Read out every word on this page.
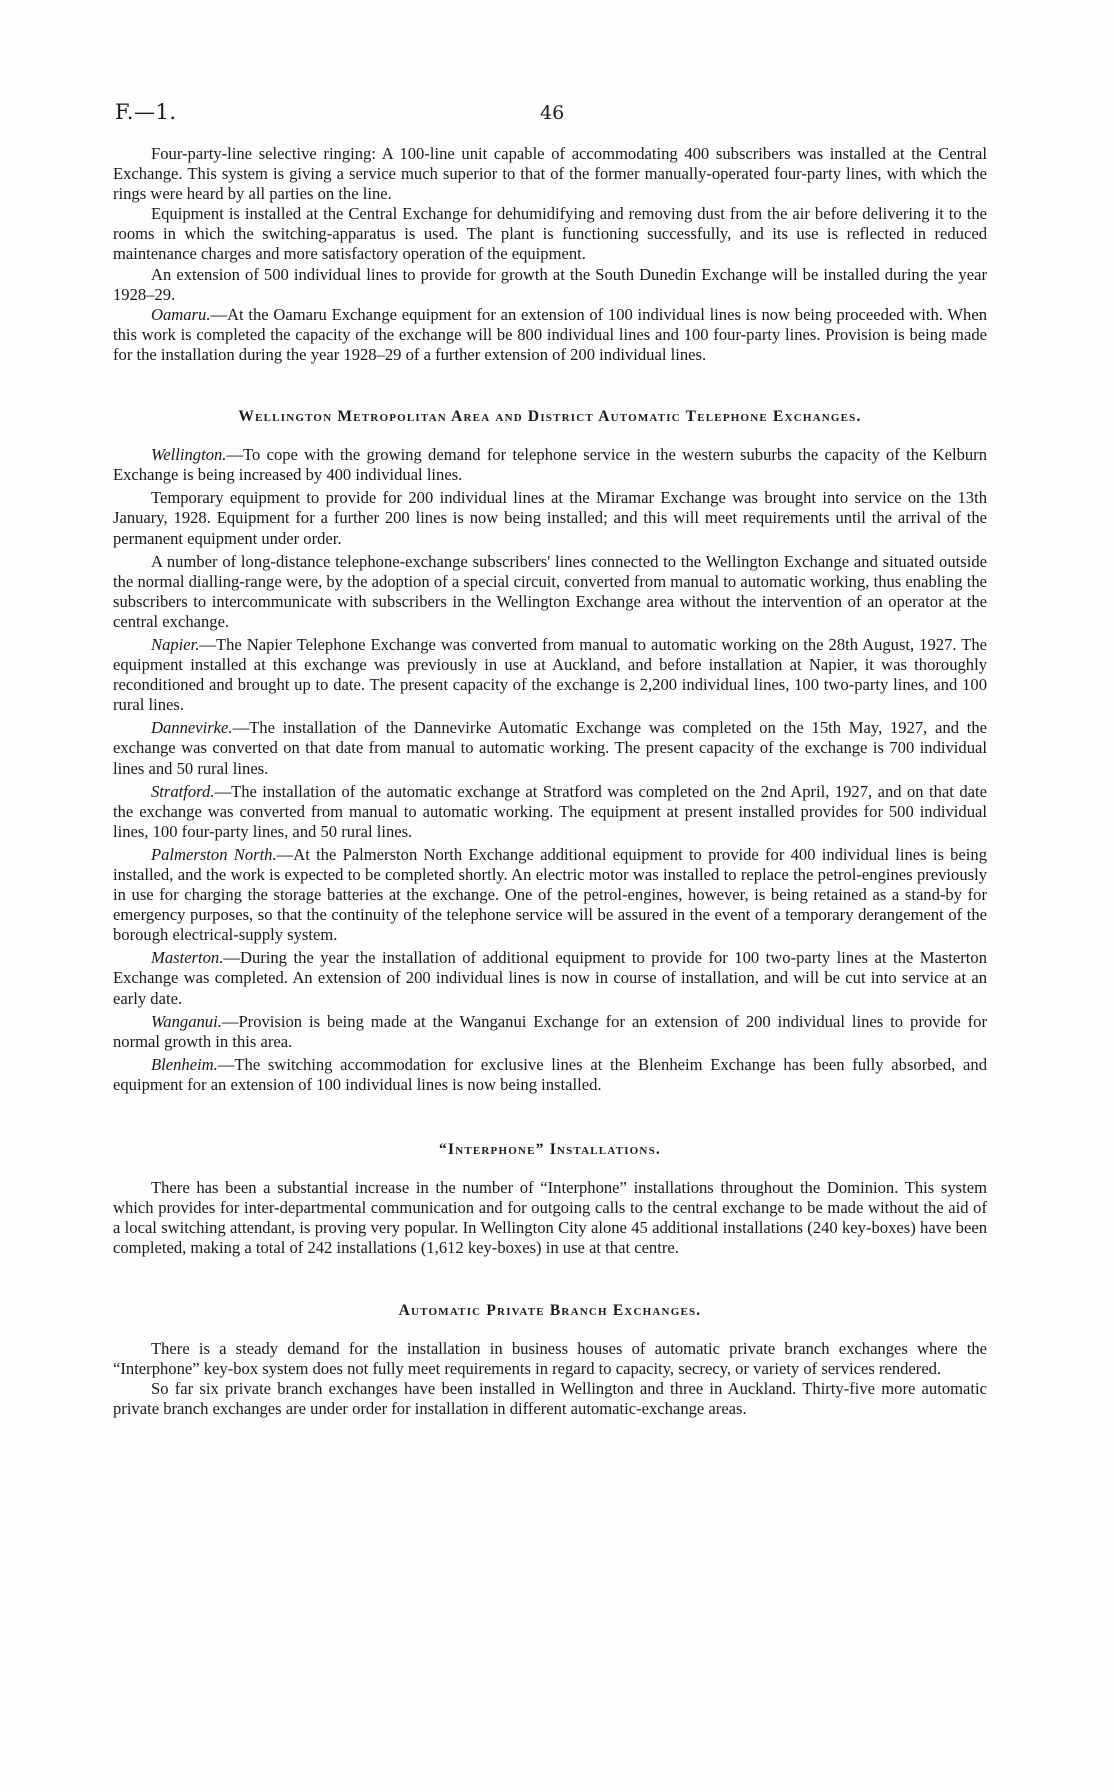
F.—1.	46

Four-party-line selective ringing: A 100-line unit capable of accommodating 400 subscribers was installed at the Central Exchange. This system is giving a service much superior to that of the former manually-operated four-party lines, with which the rings were heard by all parties on the line.

Equipment is installed at the Central Exchange for dehumidifying and removing dust from the air before delivering it to the rooms in which the switching-apparatus is used. The plant is functioning successfully, and its use is reflected in reduced maintenance charges and more satisfactory operation of the equipment.

An extension of 500 individual lines to provide for growth at the South Dunedin Exchange will be installed during the year 1928–29.

Oamaru.—At the Oamaru Exchange equipment for an extension of 100 individual lines is now being proceeded with. When this work is completed the capacity of the exchange will be 800 individual lines and 100 four-party lines. Provision is being made for the installation during the year 1928–29 of a further extension of 200 individual lines.

Wellington Metropolitan Area and District Automatic Telephone Exchanges.

Wellington.—To cope with the growing demand for telephone service in the western suburbs the capacity of the Kelburn Exchange is being increased by 400 individual lines.

Temporary equipment to provide for 200 individual lines at the Miramar Exchange was brought into service on the 13th January, 1928. Equipment for a further 200 lines is now being installed; and this will meet requirements until the arrival of the permanent equipment under order.

A number of long-distance telephone-exchange subscribers' lines connected to the Wellington Exchange and situated outside the normal dialling-range were, by the adoption of a special circuit, converted from manual to automatic working, thus enabling the subscribers to intercommunicate with subscribers in the Wellington Exchange area without the intervention of an operator at the central exchange.

Napier.—The Napier Telephone Exchange was converted from manual to automatic working on the 28th August, 1927. The equipment installed at this exchange was previously in use at Auckland, and before installation at Napier, it was thoroughly reconditioned and brought up to date. The present capacity of the exchange is 2,200 individual lines, 100 two-party lines, and 100 rural lines.

Dannevirke.—The installation of the Dannevirke Automatic Exchange was completed on the 15th May, 1927, and the exchange was converted on that date from manual to automatic working. The present capacity of the exchange is 700 individual lines and 50 rural lines.

Stratford.—The installation of the automatic exchange at Stratford was completed on the 2nd April, 1927, and on that date the exchange was converted from manual to automatic working. The equipment at present installed provides for 500 individual lines, 100 four-party lines, and 50 rural lines.

Palmerston North.—At the Palmerston North Exchange additional equipment to provide for 400 individual lines is being installed, and the work is expected to be completed shortly. An electric motor was installed to replace the petrol-engines previously in use for charging the storage batteries at the exchange. One of the petrol-engines, however, is being retained as a stand-by for emergency purposes, so that the continuity of the telephone service will be assured in the event of a temporary derangement of the borough electrical-supply system.

Masterton.—During the year the installation of additional equipment to provide for 100 two-party lines at the Masterton Exchange was completed. An extension of 200 individual lines is now in course of installation, and will be cut into service at an early date.

Wanganui.—Provision is being made at the Wanganui Exchange for an extension of 200 individual lines to provide for normal growth in this area.

Blenheim.—The switching accommodation for exclusive lines at the Blenheim Exchange has been fully absorbed, and equipment for an extension of 100 individual lines is now being installed.

“Interphone” Installations.

There has been a substantial increase in the number of “Interphone” installations throughout the Dominion. This system which provides for inter-departmental communication and for outgoing calls to the central exchange to be made without the aid of a local switching attendant, is proving very popular. In Wellington City alone 45 additional installations (240 key-boxes) have been completed, making a total of 242 installations (1,612 key-boxes) in use at that centre.

Automatic Private Branch Exchanges.

There is a steady demand for the installation in business houses of automatic private branch exchanges where the “Interphone” key-box system does not fully meet requirements in regard to capacity, secrecy, or variety of services rendered.

So far six private branch exchanges have been installed in Wellington and three in Auckland. Thirty-five more automatic private branch exchanges are under order for installation in different automatic-exchange areas.
